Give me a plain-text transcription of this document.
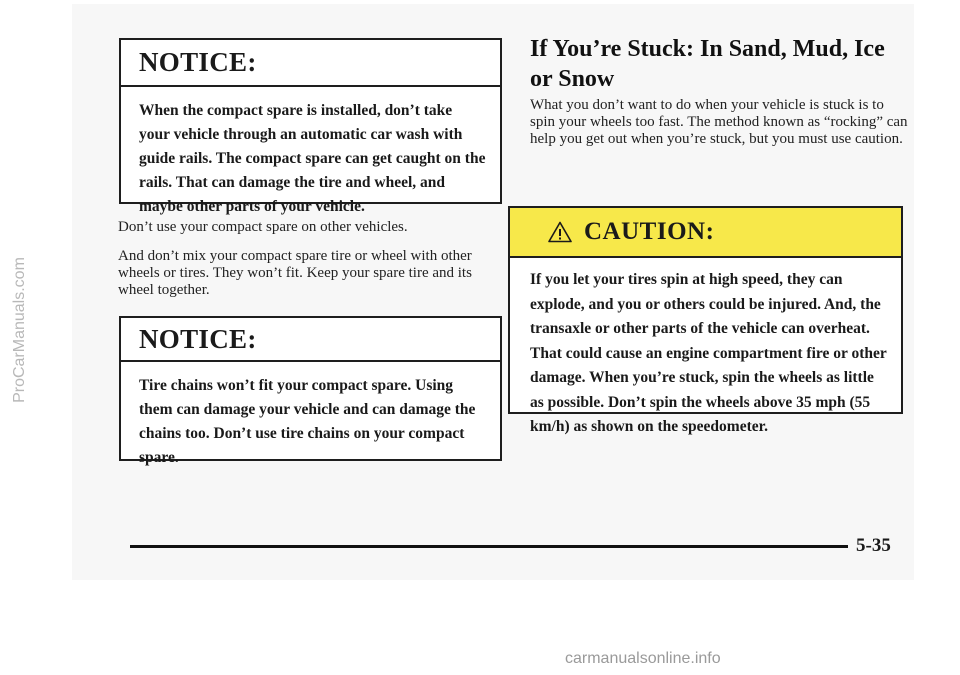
ProCarManuals.com
carmanualsonline.info
NOTICE:
When the compact spare is installed, don’t take your vehicle through an automatic car wash with guide rails. The compact spare can get caught on the rails. That can damage the tire and wheel, and maybe other parts of your vehicle.
Don’t use your compact spare on other vehicles.
And don’t mix your compact spare tire or wheel with other wheels or tires. They won’t fit. Keep your spare tire and its wheel together.
NOTICE:
Tire chains won’t fit your compact spare. Using them can damage your vehicle and can damage the chains too. Don’t use tire chains on your compact spare.
If You’re Stuck: In Sand, Mud, Ice or Snow
What you don’t want to do when your vehicle is stuck is to spin your wheels too fast. The method known as “rocking” can help you get out when you’re stuck, but you must use caution.
CAUTION:
If you let your tires spin at high speed, they can explode, and you or others could be injured. And, the transaxle or other parts of the vehicle can overheat. That could cause an engine compartment fire or other damage. When you’re stuck, spin the wheels as little as possible. Don’t spin the wheels above 35 mph (55 km/h) as shown on the speedometer.
5-35
